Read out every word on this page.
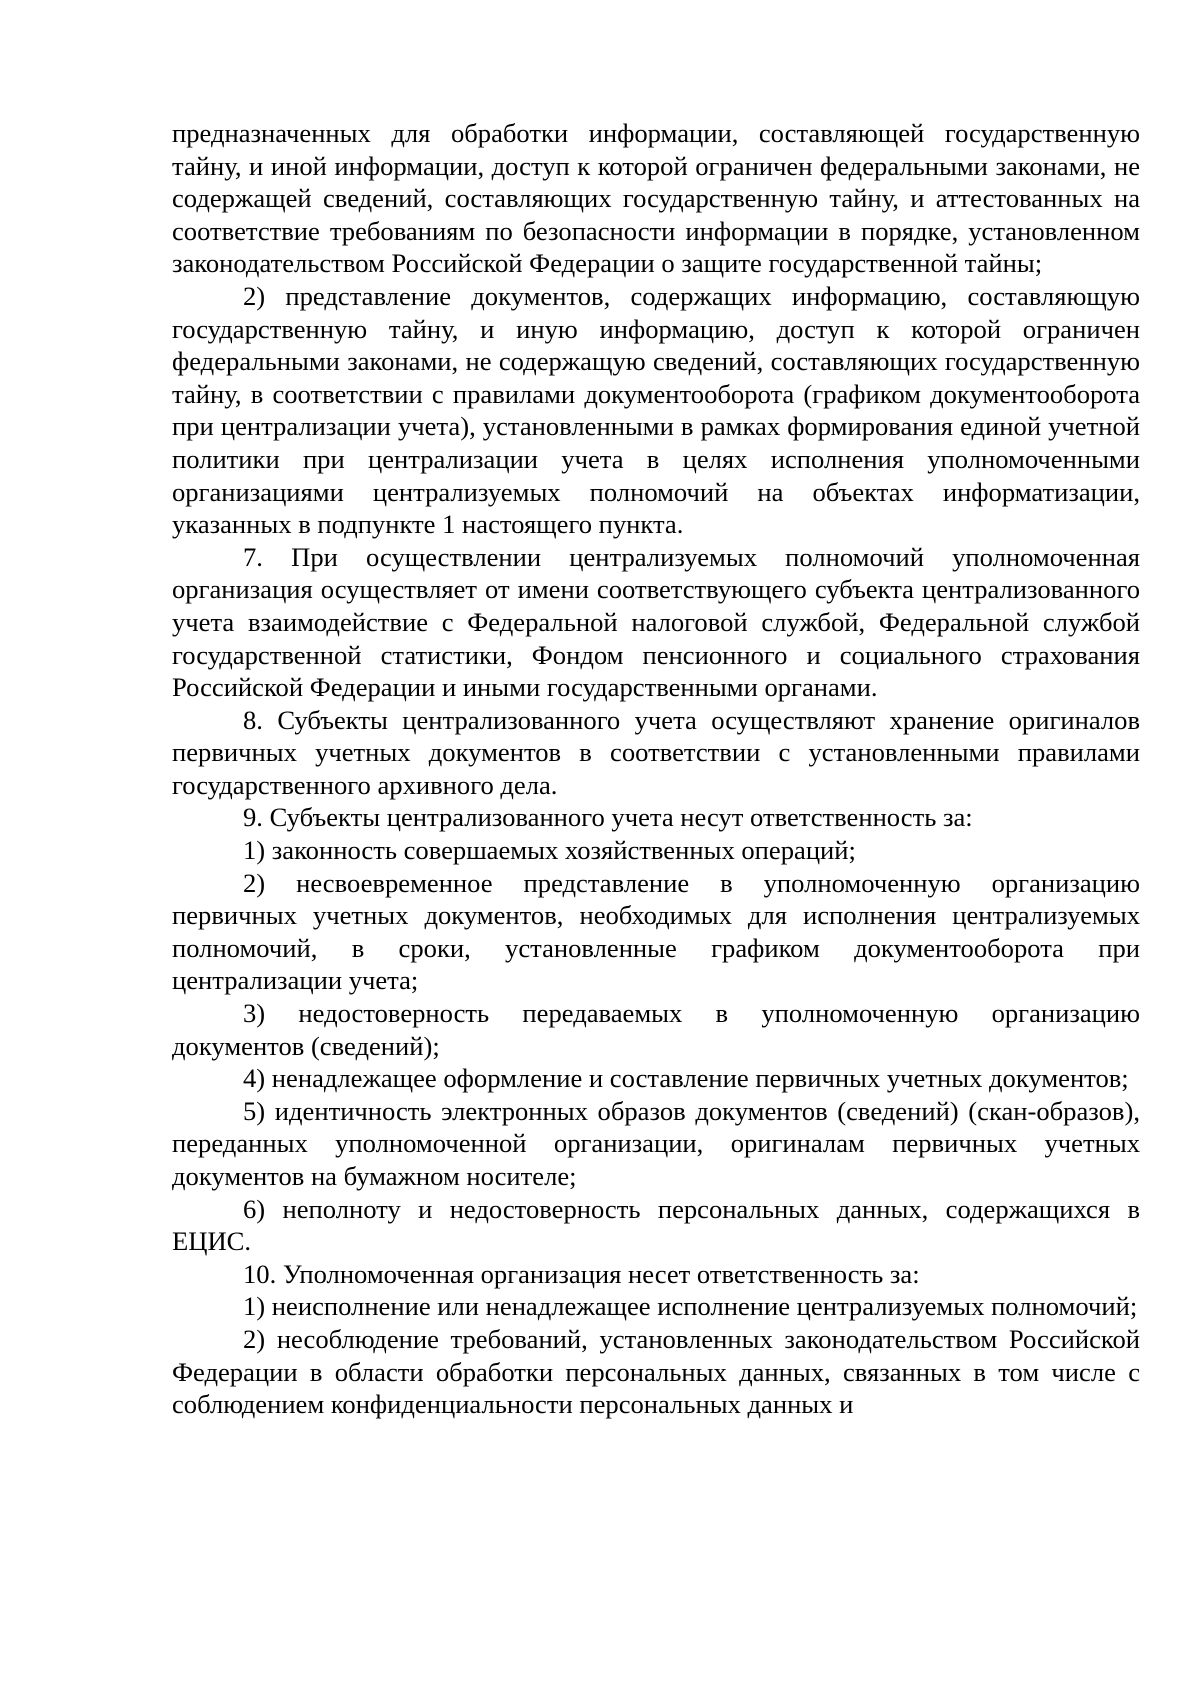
предназначенных для обработки информации, составляющей государственную тайну, и иной информации, доступ к которой ограничен федеральными законами, не содержащей сведений, составляющих государственную тайну, и аттестованных на соответствие требованиям по безопасности информации в порядке, установленном законодательством Российской Федерации о защите государственной тайны;

2) представление документов, содержащих информацию, составляющую государственную тайну, и иную информацию, доступ к которой ограничен федеральными законами, не содержащую сведений, составляющих государственную тайну, в соответствии с правилами документооборота (графиком документооборота при централизации учета), установленными в рамках формирования единой учетной политики при централизации учета в целях исполнения уполномоченными организациями централизуемых полномочий на объектах информатизации, указанных в подпункте 1 настоящего пункта.

7. При осуществлении централизуемых полномочий уполномоченная организация осуществляет от имени соответствующего субъекта централизованного учета взаимодействие с Федеральной налоговой службой, Федеральной службой государственной статистики, Фондом пенсионного и социального страхования Российской Федерации и иными государственными органами.

8. Субъекты централизованного учета осуществляют хранение оригиналов первичных учетных документов в соответствии с установленными правилами государственного архивного дела.

9. Субъекты централизованного учета несут ответственность за:

1) законность совершаемых хозяйственных операций;

2) несвоевременное представление в уполномоченную организацию первичных учетных документов, необходимых для исполнения централизуемых полномочий, в сроки, установленные графиком документооборота при централизации учета;

3) недостоверность передаваемых в уполномоченную организацию документов (сведений);

4) ненадлежащее оформление и составление первичных учетных документов;

5) идентичность электронных образов документов (сведений) (скан-образов), переданных уполномоченной организации, оригиналам первичных учетных документов на бумажном носителе;

6) неполноту и недостоверность персональных данных, содержащихся в ЕЦИС.

10. Уполномоченная организация несет ответственность за:

1) неисполнение или ненадлежащее исполнение централизуемых полномочий;

2) несоблюдение требований, установленных законодательством Российской Федерации в области обработки персональных данных, связанных в том числе с соблюдением конфиденциальности персональных данных и
